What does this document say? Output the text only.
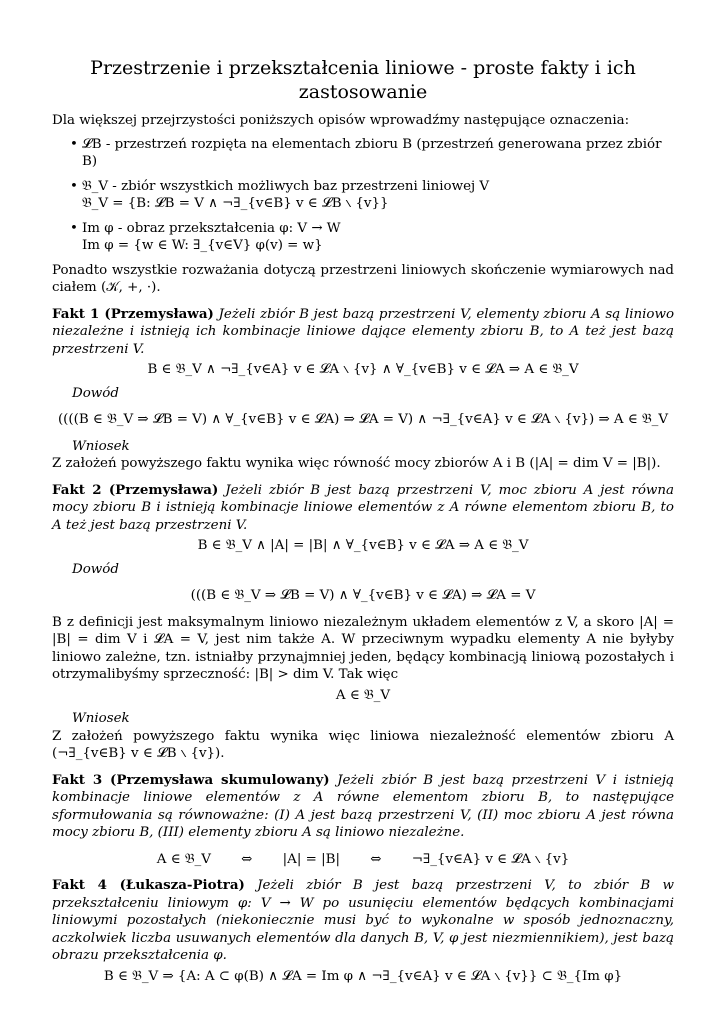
Przestrzenie i przekształcenia liniowe - proste fakty i ich zastosowanie

Dla większej przejrzystości poniższych opisów wprowadźmy następujące oznaczenia:

• 𝓛B - przestrzeń rozpięta na elementach zbioru B (przestrzeń generowana przez zbiór B)
• 𝔅_V - zbiór wszystkich możliwych baz przestrzeni liniowej V
𝔅_V = {B: 𝓛B = V ∧ ¬∃_{v∈B} v ∈ 𝓛B ∖ {v}}
• Im φ - obraz przekształcenia φ: V → W
Im φ = {w ∈ W: ∃_{v∈V} φ(v) = w}

Ponadto wszystkie rozważania dotyczą przestrzeni liniowych skończenie wymiarowych nad ciałem (𝒦, +, ·).

Fakt 1 (Przemysława) Jeżeli zbiór B jest bazą przestrzeni V, elementy zbioru A są liniowo niezależne i istnieją ich kombinacje liniowe dające elementy zbioru B, to A też jest bazą przestrzeni V.

B ∈ 𝔅_V ∧ ¬∃_{v∈A} v ∈ 𝓛A ∖ {v} ∧ ∀_{v∈B} v ∈ 𝓛A ⇒ A ∈ 𝔅_V
Dowód
((((B ∈ 𝔅_V ⇒ 𝓛B = V) ∧ ∀_{v∈B} v ∈ 𝓛A) ⇒ 𝓛A = V) ∧ ¬∃_{v∈A} v ∈ 𝓛A ∖ {v}) ⇒ A ∈ 𝔅_V
Wniosek

Z założeń powyższego faktu wynika więc równość mocy zbiorów A i B (|A| = dim V = |B|).

Fakt 2 (Przemysława) Jeżeli zbiór B jest bazą przestrzeni V, moc zbioru A jest równa mocy zbioru B i istnieją kombinacje liniowe elementów z A równe elementom zbioru B, to A też jest bazą przestrzeni V.

B ∈ 𝔅_V ∧ |A| = |B| ∧ ∀_{v∈B} v ∈ 𝓛A ⇒ A ∈ 𝔅_V
Dowód
(((B ∈ 𝔅_V ⇒ 𝓛B = V) ∧ ∀_{v∈B} v ∈ 𝓛A) ⇒ 𝓛A = V

B z definicji jest maksymalnym liniowo niezależnym układem elementów z V, a skoro |A| = |B| = dim V i 𝓛A = V, jest nim także A. W przeciwnym wypadku elementy A nie byłyby liniowo zależne, tzn. istniałby przynajmniej jeden, będący kombinacją liniową pozostałych i otrzymalibyśmy sprzeczność: |B| > dim V. Tak więc

A ∈ 𝔅_V
Wniosek

Z założeń powyższego faktu wynika więc liniowa niezależność elementów zbioru A (¬∃_{v∈B} v ∈ 𝓛B ∖ {v}).

Fakt 3 (Przemysława skumulowany) Jeżeli zbiór B jest bazą przestrzeni V i istnieją kombinacje liniowe elementów z A równe elementom zbioru B, to następujące sformułowania są równoważne: (I) A jest bazą przestrzeni V, (II) moc zbioru A jest równa mocy zbioru B, (III) elementy zbioru A są liniowo niezależne.

A ∈ 𝔅_V ⇔ |A| = |B| ⇔ ¬∃_{v∈A} v ∈ 𝓛A ∖ {v}

Fakt 4 (Łukasza-Piotra) Jeżeli zbiór B jest bazą przestrzeni V, to zbiór B w przekształceniu liniowym φ: V → W po usunięciu elementów będących kombinacjami liniowymi pozostałych (niekoniecznie musi być to wykonalne w sposób jednoznaczny, aczkolwiek liczba usuwanych elementów dla danych B, V, φ jest niezmiennikiem), jest bazą obrazu przekształcenia φ.

B ∈ 𝔅_V ⇒ {A: A ⊂ φ(B) ∧ 𝓛A = Im φ ∧ ¬∃_{v∈A} v ∈ 𝓛A ∖ {v}} ⊂ 𝔅_{Im φ}
